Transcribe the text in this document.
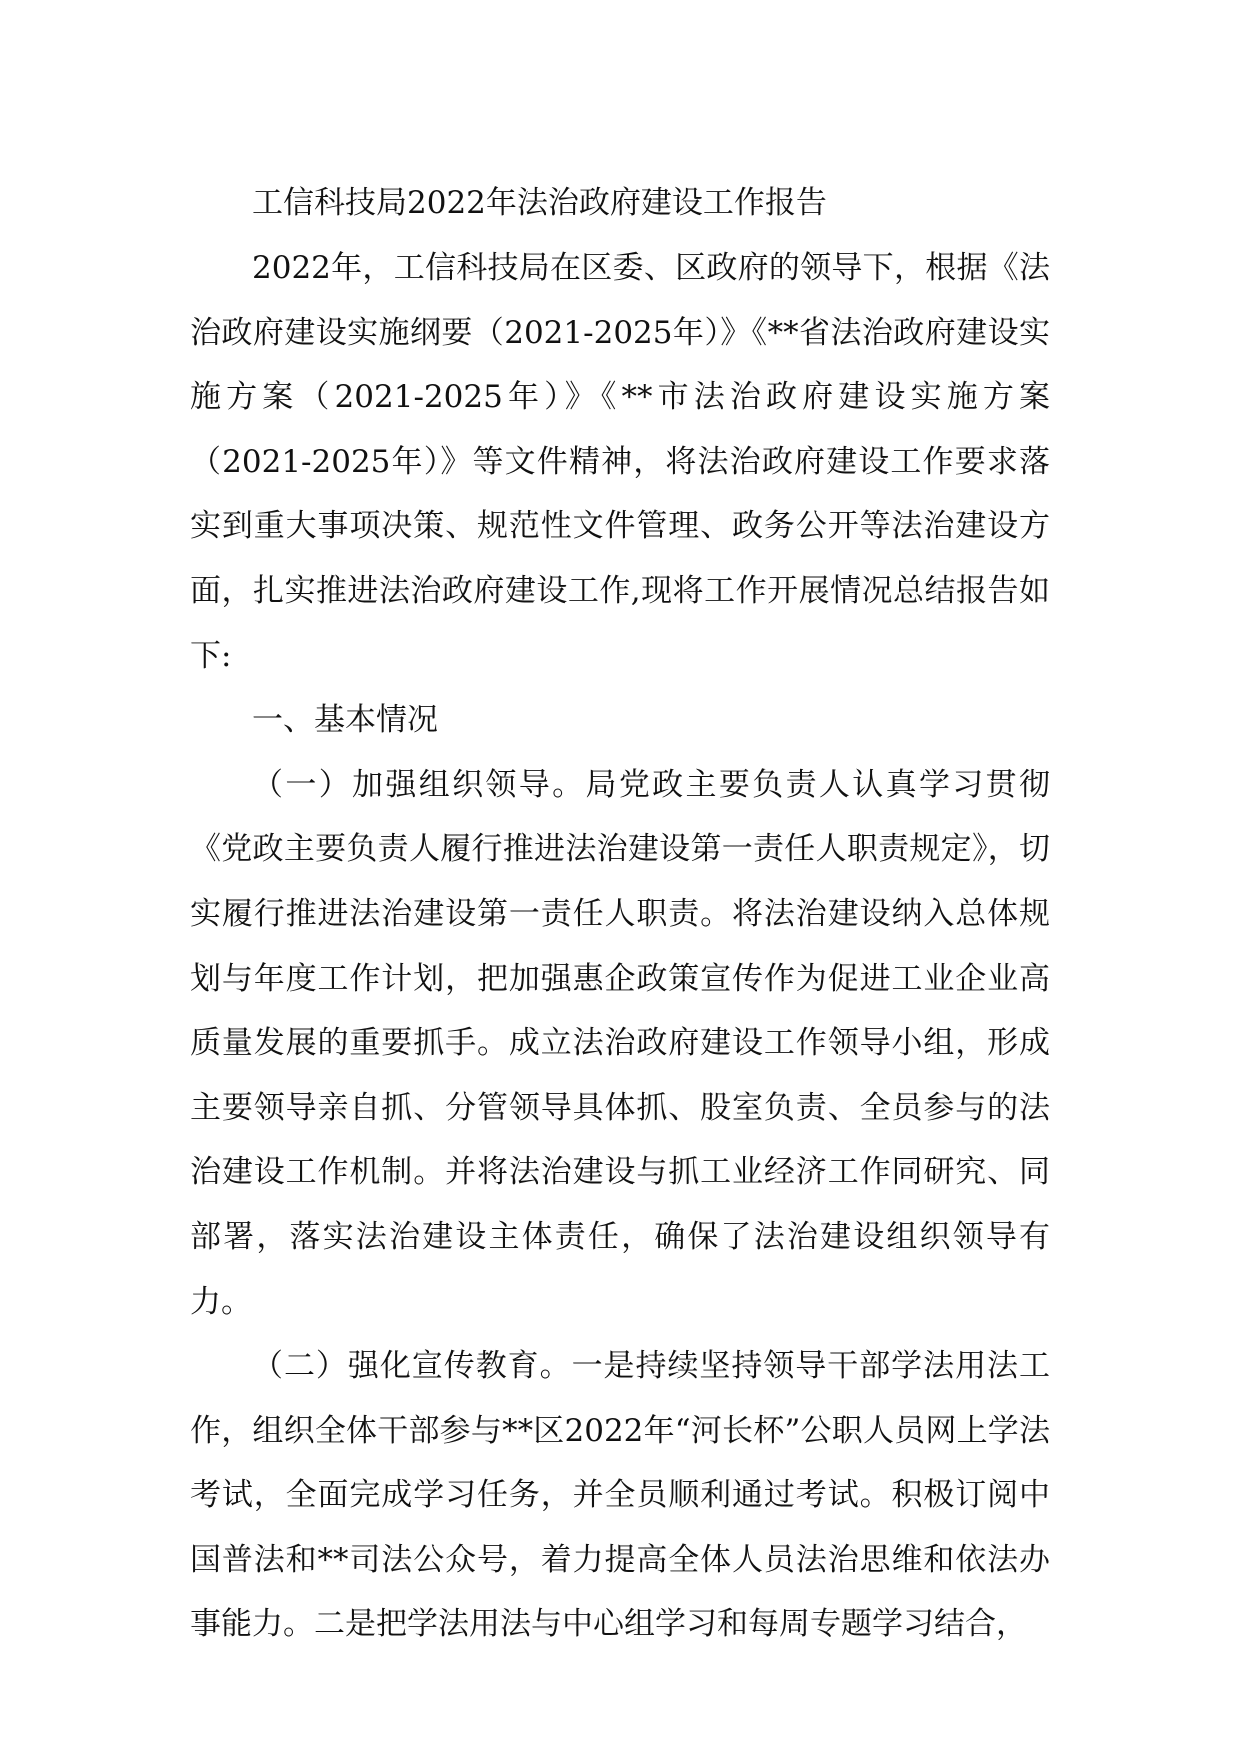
工信科技局2022年法治政府建设工作报告

2022年，工信科技局在区委、区政府的领导下，根据《法治政府建设实施纲要（2021-2025年）》《**省法治政府建设实施方案（2021-2025年）》《**市法治政府建设实施方案（2021-2025年）》等文件精神，将法治政府建设工作要求落实到重大事项决策、规范性文件管理、政务公开等法治建设方面，扎实推进法治政府建设工作,现将工作开展情况总结报告如下:

一、基本情况

（一）加强组织领导。局党政主要负责人认真学习贯彻《党政主要负责人履行推进法治建设第一责任人职责规定》，切实履行推进法治建设第一责任人职责。将法治建设纳入总体规划与年度工作计划，把加强惠企政策宣传作为促进工业企业高质量发展的重要抓手。成立法治政府建设工作领导小组，形成主要领导亲自抓、分管领导具体抓、股室负责、全员参与的法治建设工作机制。并将法治建设与抓工业经济工作同研究、同部署，落实法治建设主体责任，确保了法治建设组织领导有力。

（二）强化宣传教育。一是持续坚持领导干部学法用法工作，组织全体干部参与**区2022年“河长杯”公职人员网上学法考试，全面完成学习任务，并全员顺利通过考试。积极订阅中国普法和**司法公众号，着力提高全体人员法治思维和依法办事能力。二是把学法用法与中心组学习和每周专题学习结合，
